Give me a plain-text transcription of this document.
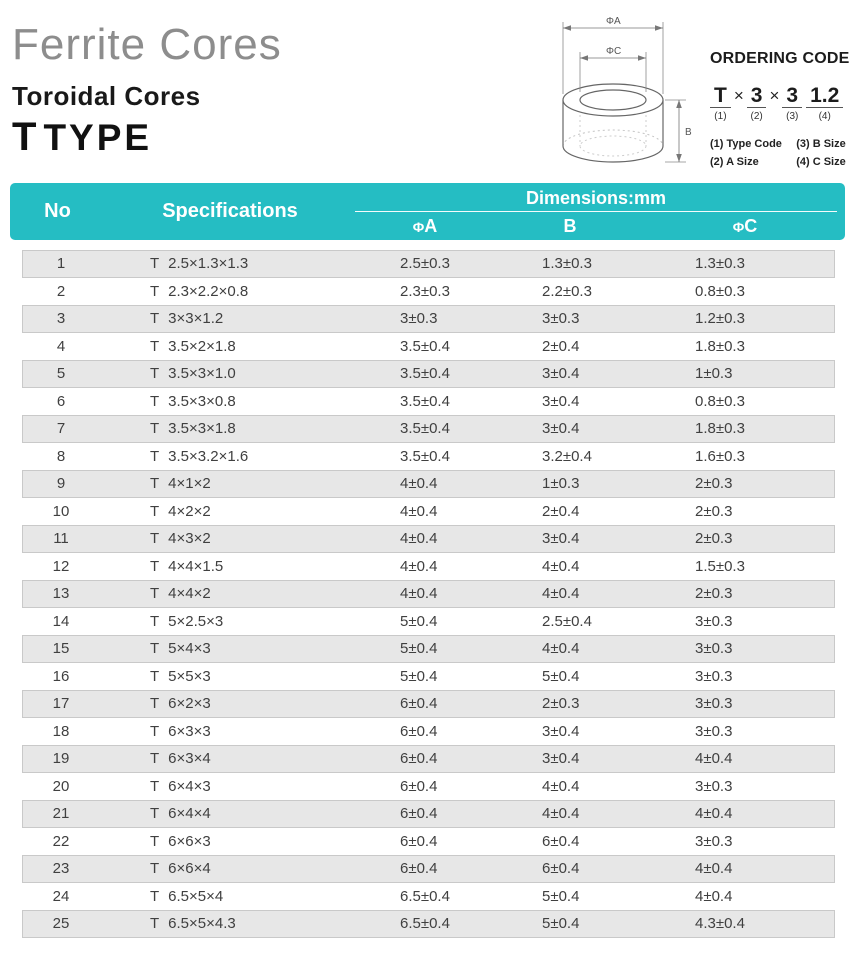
Ferrite Cores
Toroidal Cores
T TYPE
ΦA
ΦC
B
ORDERING CODE
T
(1)
× 3
(2)
× 3
(3)
1.2
(4)
(1) Type Code (3) B Size
(2) A Size	(4) C Size
No	Specifications
Dimensions:mm
ΦA	B	ΦC
1	T 2.5×1.3×1.3	2.5±0.3	1.3±0.3	1.3±0.3
2	T 2.3×2.2×0.8	2.3±0.3	2.2±0.3	0.8±0.3
3	T 3×3×1.2	3±0.3	3±0.3	1.2±0.3
4	T 3.5×2×1.8	3.5±0.4	2±0.4	1.8±0.3
5	T 3.5×3×1.0	3.5±0.4	3±0.4	1±0.3
6	T 3.5×3×0.8	3.5±0.4	3±0.4	0.8±0.3
7	T 3.5×3×1.8	3.5±0.4	3±0.4	1.8±0.3
8	T 3.5×3.2×1.6	3.5±0.4	3.2±0.4	1.6±0.3
9	T 4×1×2	4±0.4	1±0.3	2±0.3
10	T 4×2×2	4±0.4	2±0.4	2±0.3
11	T 4×3×2	4±0.4	3±0.4	2±0.3
12	T 4×4×1.5	4±0.4	4±0.4	1.5±0.3
13	T 4×4×2	4±0.4	4±0.4	2±0.3
14	T 5×2.5×3	5±0.4	2.5±0.4	3±0.3
15	T 5×4×3	5±0.4	4±0.4	3±0.3
16	T 5×5×3	5±0.4	5±0.4	3±0.3
17	T 6×2×3	6±0.4	2±0.3	3±0.3
18	T 6×3×3	6±0.4	3±0.4	3±0.3
19	T 6×3×4	6±0.4	3±0.4	4±0.4
20	T 6×4×3	6±0.4	4±0.4	3±0.3
21	T 6×4×4	6±0.4	4±0.4	4±0.4
22	T 6×6×3	6±0.4	6±0.4	3±0.3
23	T 6×6×4	6±0.4	6±0.4	4±0.4
24	T 6.5×5×4	6.5±0.4	5±0.4	4±0.4
25	T 6.5×5×4.3	6.5±0.4	5±0.4	4.3±0.4
